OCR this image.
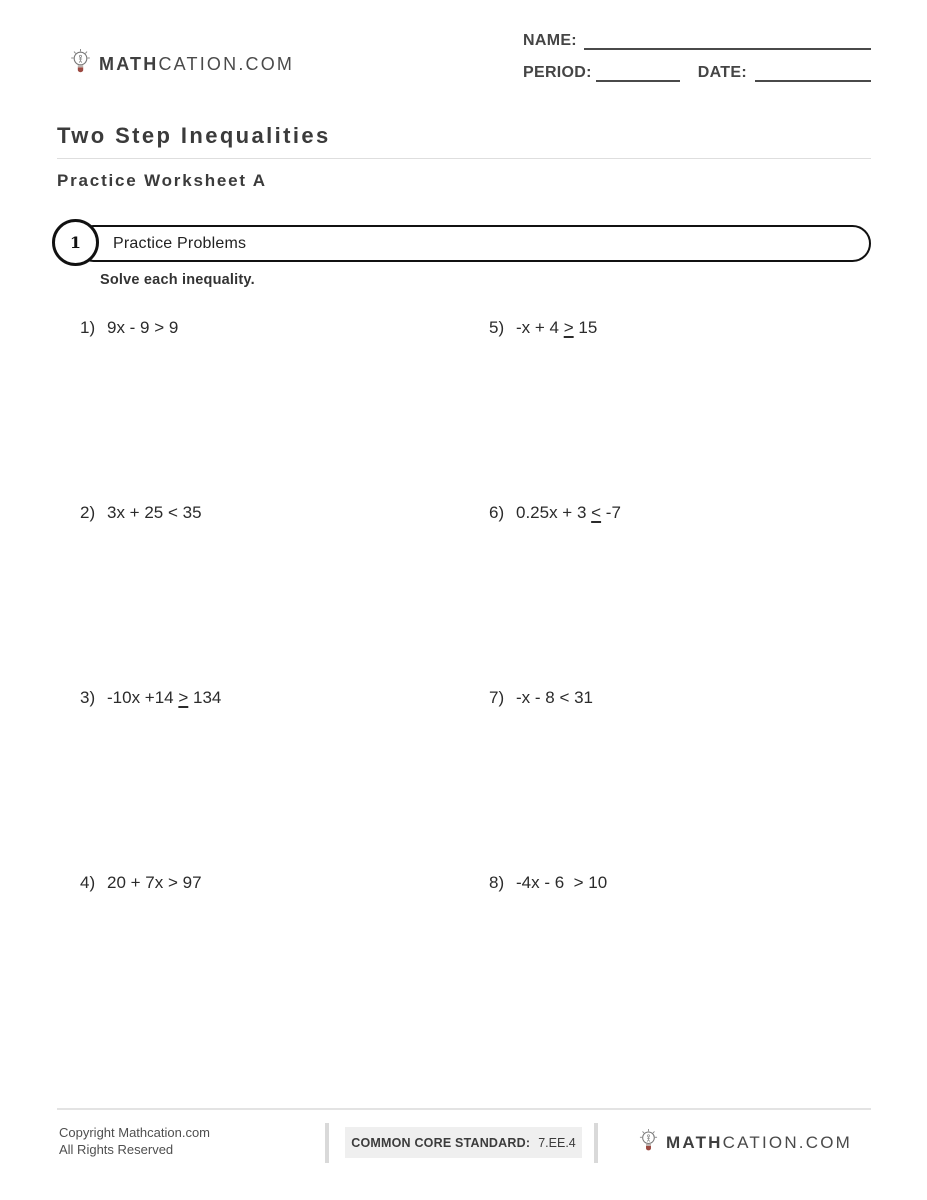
MATHCATION.COM
NAME:
PERIOD:	DATE:
Two Step Inequalities
Practice Worksheet A
Practice Problems
1
Solve each inequality.
1) 9x - 9 > 9	5) -x + 4 > 15
2) 3x + 25 < 35	6) 0.25x + 3 < -7
3) -10x +14 > 134	7) -x - 8 < 31
4) 20 + 7x > 97	8) -4x - 6  > 10
Copyright Mathcation.com
All Rights Reserved	COMMON CORE STANDARD: 7.EE.4	MATHCATION.COM
